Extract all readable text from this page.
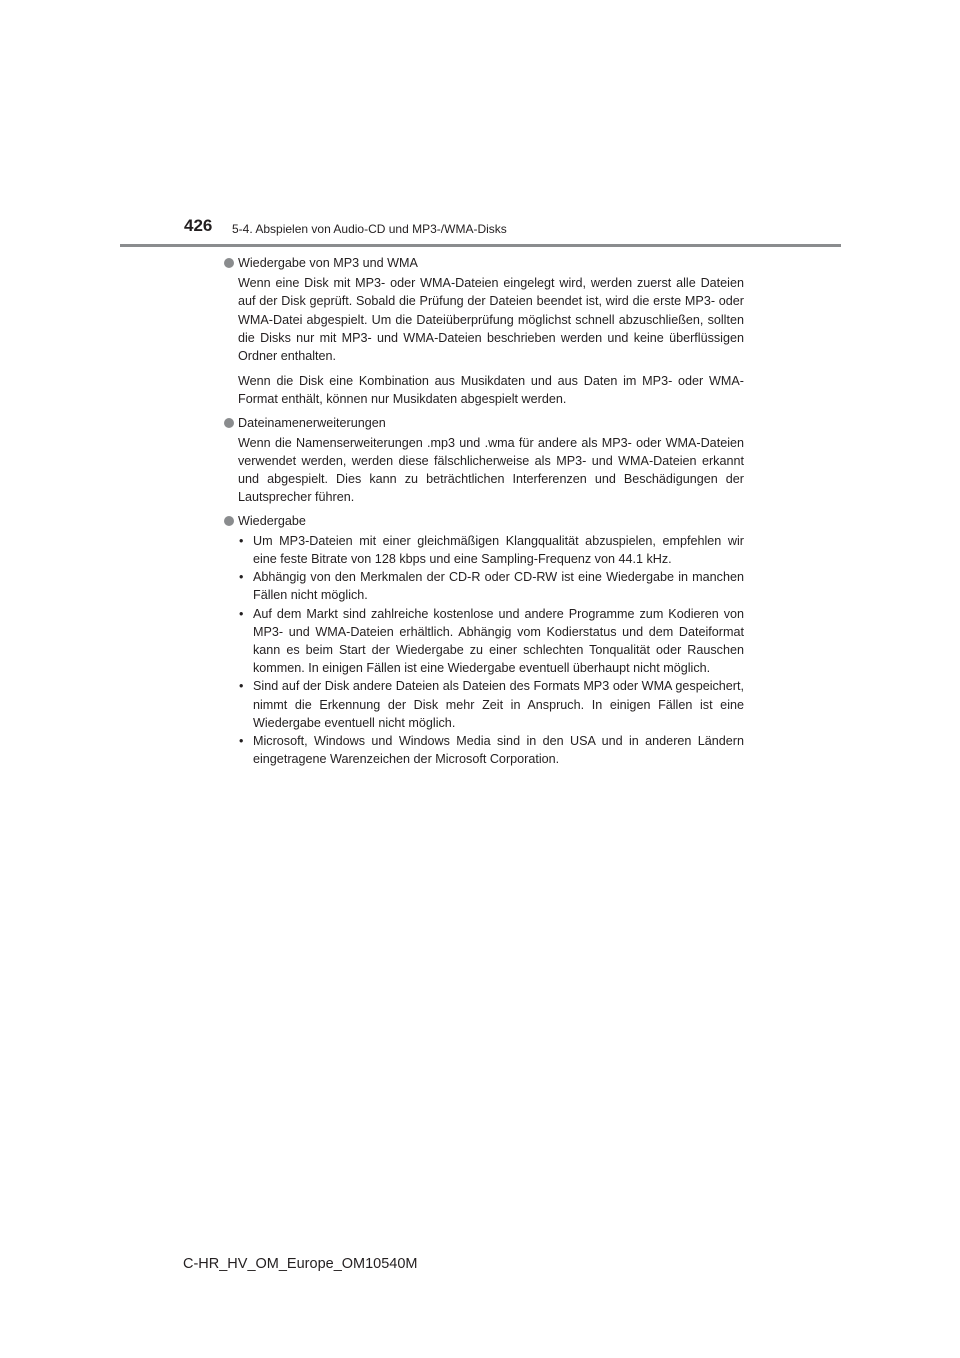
426 5-4. Abspielen von Audio-CD und MP3-/WMA-Disks

Wiedergabe von MP3 und WMA

Wenn eine Disk mit MP3- oder WMA-Dateien eingelegt wird, werden zuerst alle Dateien auf der Disk geprüft. Sobald die Prüfung der Dateien beendet ist, wird die erste MP3- oder WMA-Datei abgespielt. Um die Dateiüberprüfung möglichst schnell abzuschließen, sollten die Disks nur mit MP3- und WMA-Dateien beschrieben werden und keine überflüssigen Ordner enthalten.

Wenn die Disk eine Kombination aus Musikdaten und aus Daten im MP3- oder WMA-Format enthält, können nur Musikdaten abgespielt werden.

Dateinamenerweiterungen

Wenn die Namenserweiterungen .mp3 und .wma für andere als MP3- oder WMA-Dateien verwendet werden, werden diese fälschlicherweise als MP3- und WMA-Dateien erkannt und abgespielt. Dies kann zu beträchtlichen Interferenzen und Beschädigungen der Lautsprecher führen.

Wiedergabe

• Um MP3-Dateien mit einer gleichmäßigen Klangqualität abzuspielen, empfehlen wir eine feste Bitrate von 128 kbps und eine Sampling-Frequenz von 44.1 kHz.
• Abhängig von den Merkmalen der CD-R oder CD-RW ist eine Wiedergabe in manchen Fällen nicht möglich.
• Auf dem Markt sind zahlreiche kostenlose und andere Programme zum Kodieren von MP3- und WMA-Dateien erhältlich. Abhängig vom Kodierstatus und dem Dateiformat kann es beim Start der Wiedergabe zu einer schlechten Tonqualität oder Rauschen kommen. In einigen Fällen ist eine Wiedergabe eventuell überhaupt nicht möglich.
• Sind auf der Disk andere Dateien als Dateien des Formats MP3 oder WMA gespeichert, nimmt die Erkennung der Disk mehr Zeit in Anspruch. In einigen Fällen ist eine Wiedergabe eventuell nicht möglich.
• Microsoft, Windows und Windows Media sind in den USA und in anderen Ländern eingetragene Warenzeichen der Microsoft Corporation.
C-HR_HV_OM_Europe_OM10540M
